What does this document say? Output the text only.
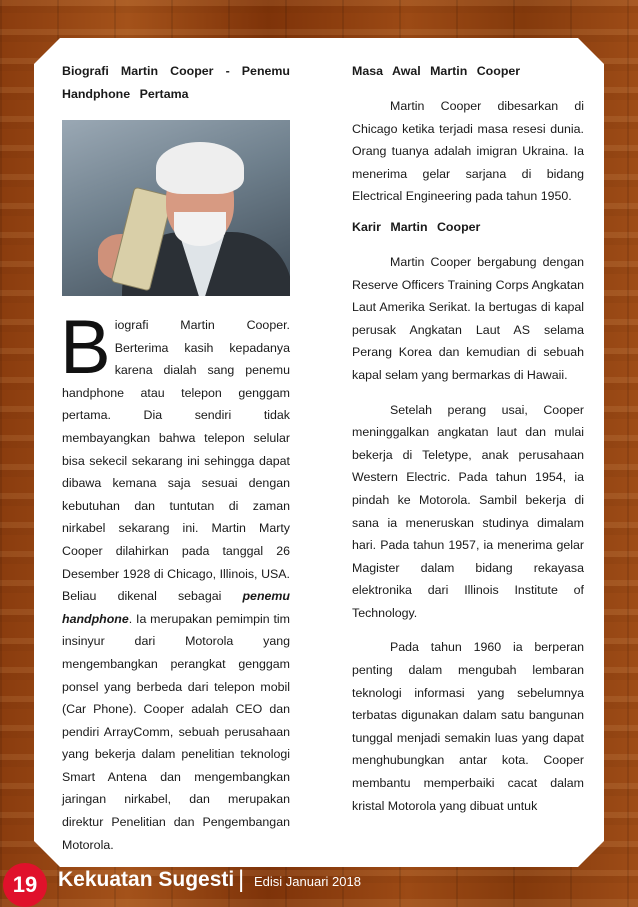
Biografi Martin Cooper - Penemu Handphone Pertama

Biografi Martin Cooper. Berterima kasih kepadanya karena dialah sang penemu handphone atau telepon genggam pertama. Dia sendiri tidak membayangkan bahwa telepon selular bisa sekecil sekarang ini sehingga dapat dibawa kemana saja sesuai dengan kebutuhan dan tuntutan di zaman nirkabel sekarang ini. Martin Marty Cooper dilahirkan pada tanggal 26 Desember 1928 di Chicago, Illinois, USA. Beliau dikenal sebagai penemu handphone. Ia merupakan pemimpin tim insinyur dari Motorola yang mengembangkan perangkat genggam ponsel yang berbeda dari telepon mobil (Car Phone). Cooper adalah CEO dan pendiri ArrayComm, sebuah perusahaan yang bekerja dalam penelitian teknologi Smart Antena dan mengembangkan jaringan nirkabel, dan merupakan direktur Penelitian dan Pengembangan Motorola.

Masa Awal Martin Cooper

Martin Cooper dibesarkan di Chicago ketika terjadi masa resesi dunia. Orang tuanya adalah imigran Ukraina. Ia menerima gelar sarjana di bidang Electrical Engineering pada tahun 1950.

Karir Martin Cooper

Martin Cooper bergabung dengan Reserve Officers Training Corps Angkatan Laut Amerika Serikat. Ia bertugas di kapal perusak Angkatan Laut AS selama Perang Korea dan kemudian di sebuah kapal selam yang bermarkas di Hawaii.

Setelah perang usai, Cooper meninggalkan angkatan laut dan mulai bekerja di Teletype, anak perusahaan Western Electric. Pada tahun 1954, ia pindah ke Motorola. Sambil bekerja di sana ia meneruskan studinya dimalam hari. Pada tahun 1957, ia menerima gelar Magister dalam bidang rekayasa elektronika dari Illinois Institute of Technology.

Pada tahun 1960 ia berperan penting dalam mengubah lembaran teknologi informasi yang sebelumnya terbatas digunakan dalam satu bangunan tunggal menjadi semakin luas yang dapat menghubungkan antar kota. Cooper membantu memperbaiki cacat dalam kristal Motorola yang dibuat untuk

19 Kekuatan Sugesti | Edisi Januari 2018
